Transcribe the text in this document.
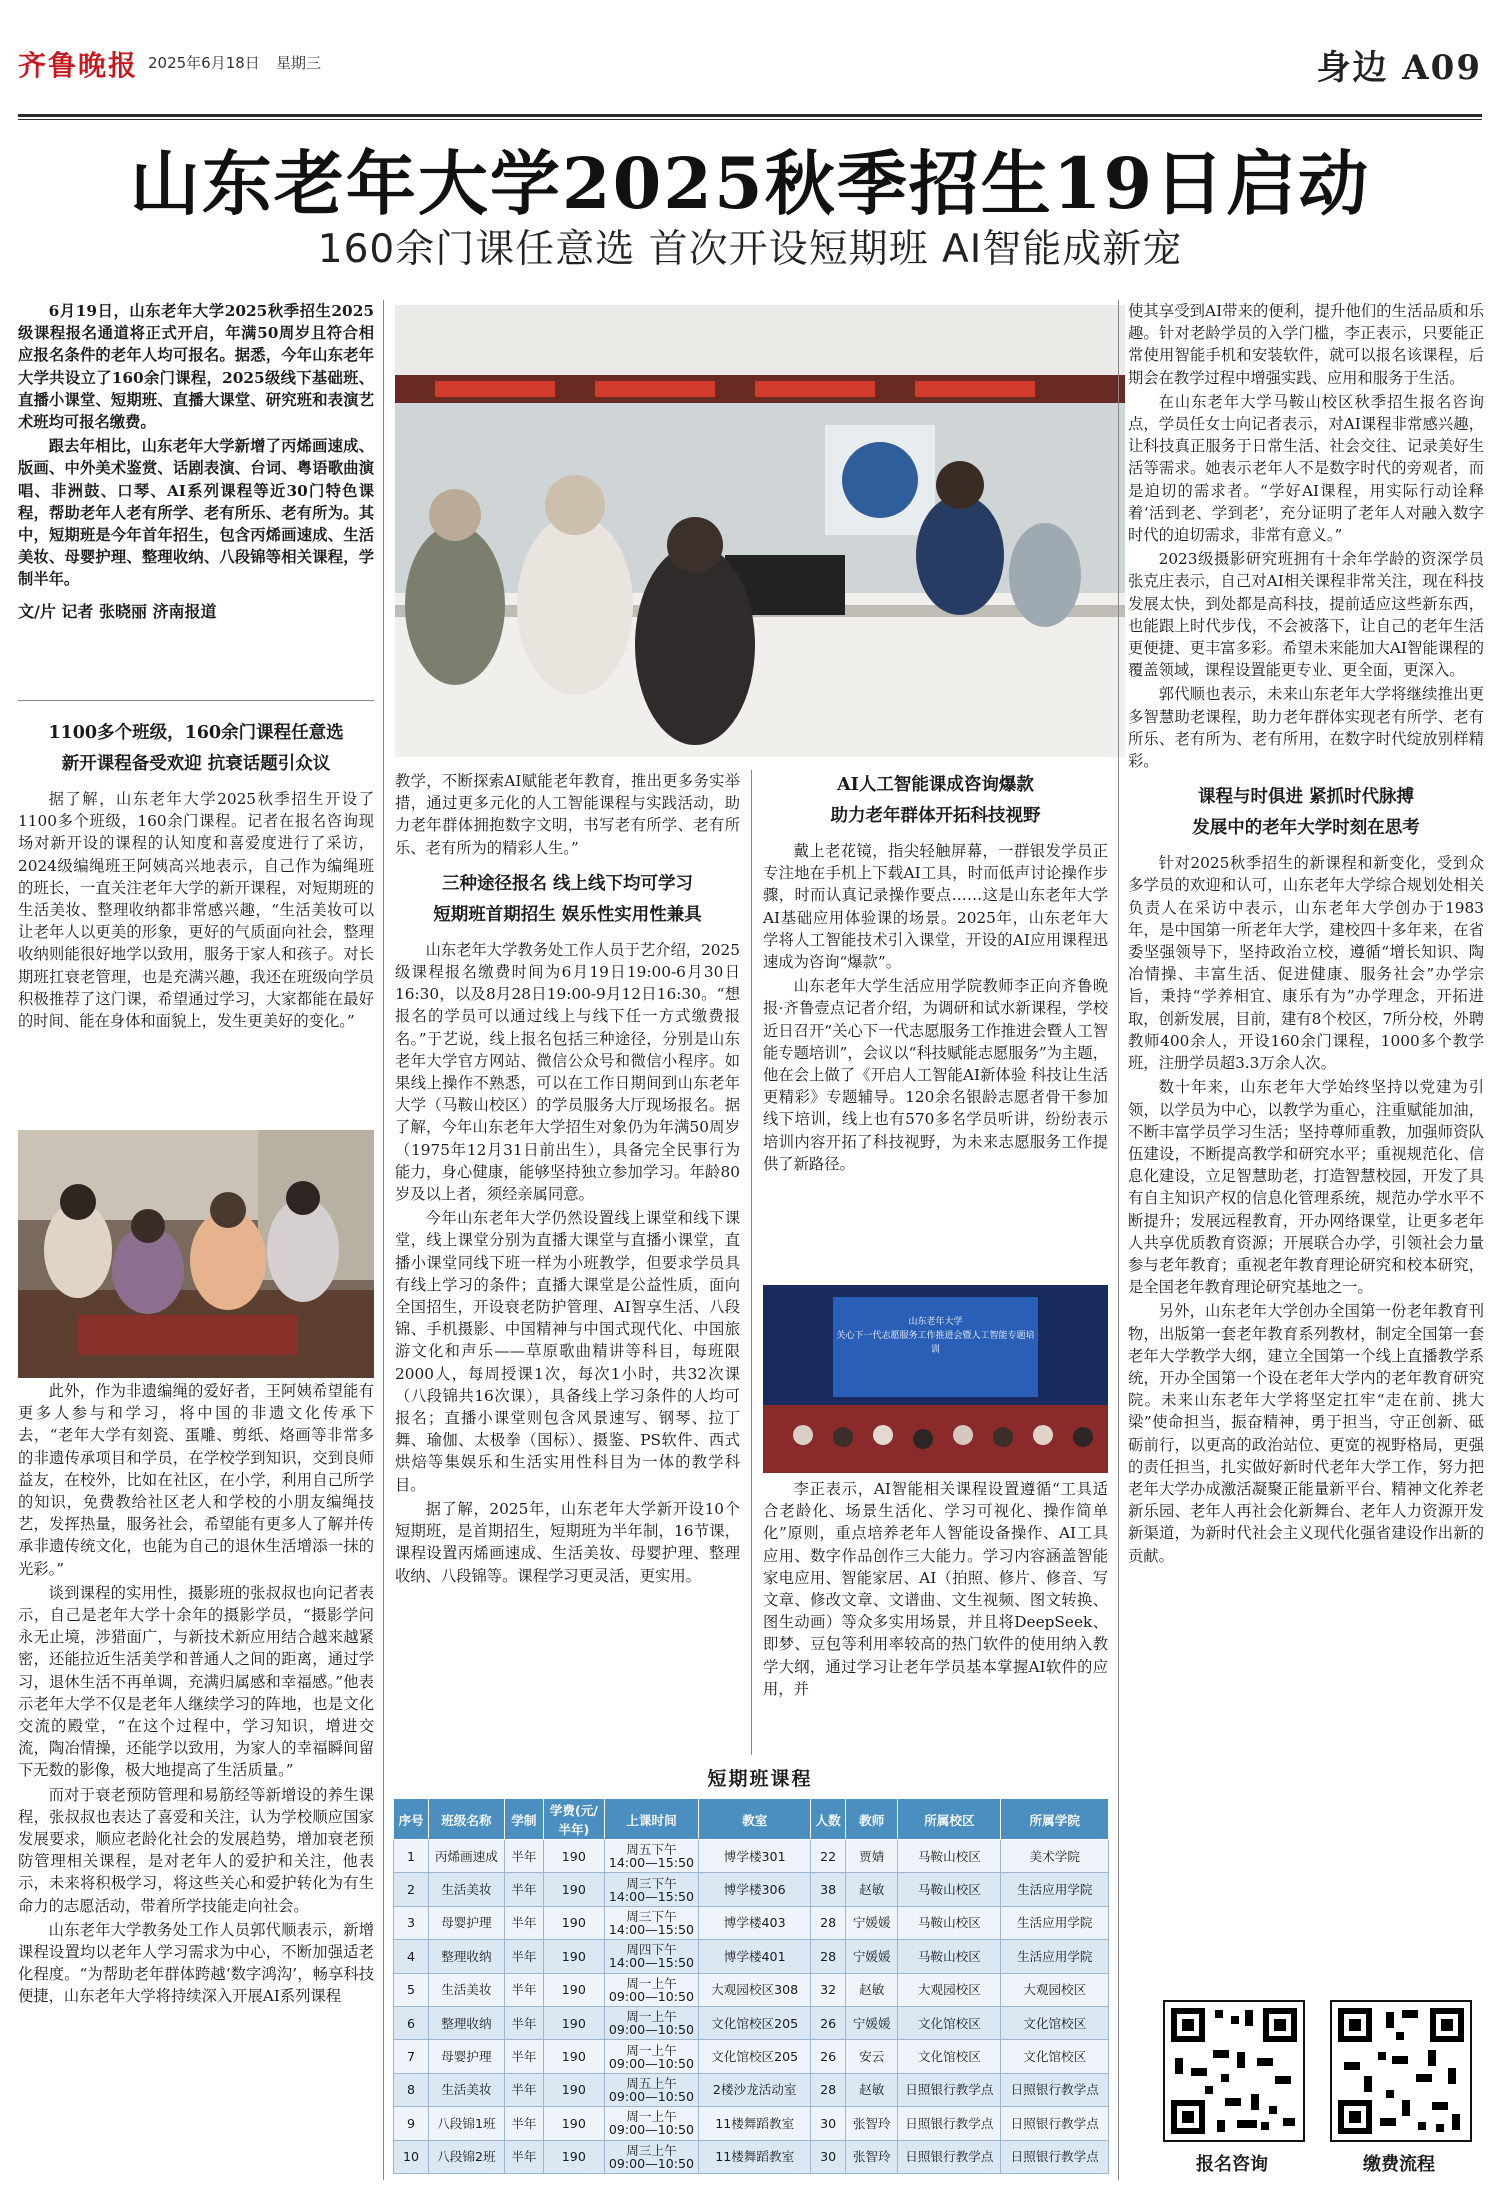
齐鲁晚报 2025年6月18日 星期三	身边 A09
山东老年大学2025秋季招生19日启动
160余门课任意选 首次开设短期班 AI智能成新宠

6月19日，山东老年大学2025秋季招生2025级课程报名通道将正式开启，年满50周岁且符合相应报名条件的老年人均可报名。据悉，今年山东老年大学共设立了160余门课程，2025级线下基础班、直播小课堂、短期班、直播大课堂、研究班和表演艺术班均可报名缴费。

跟去年相比，山东老年大学新增了丙烯画速成、版画、中外美术鉴赏、话剧表演、台词、粤语歌曲演唱、非洲鼓、口琴、AI系列课程等近30门特色课程，帮助老年人老有所学、老有所乐、老有所为。其中，短期班是今年首年招生，包含丙烯画速成、生活美妆、母婴护理、整理收纳、八段锦等相关课程，学制半年。

文/片 记者 张晓丽 济南报道
1100多个班级，160余门课程任意选
新开课程备受欢迎 抗衰话题引众议

据了解，山东老年大学2025秋季招生开设了1100多个班级，160余门课程。记者在报名咨询现场对新开设的课程的认知度和喜爱度进行了采访，2024级编绳班王阿姨高兴地表示，自己作为编绳班的班长，一直关注老年大学的新开课程，对短期班的生活美妆、整理收纳都非常感兴趣，“生活美妆可以让老年人以更美的形象，更好的气质面向社会，整理收纳则能很好地学以致用，服务于家人和孩子。对长期班扛衰老管理，也是充满兴趣，我还在班级向学员积极推荐了这门课，希望通过学习，大家都能在最好的时间、能在身体和面貌上，发生更美好的变化。”

此外，作为非遗编绳的爱好者，王阿姨希望能有更多人参与和学习，将中国的非遗文化传承下去，“老年大学有刻瓷、蛋雕、剪纸、烙画等非常多的非遗传承项目和学员，在学校学到知识，交到良师益友，在校外，比如在社区，在小学，利用自己所学的知识，免费教给社区老人和学校的小朋友编绳技艺，发挥热量，服务社会，希望能有更多人了解并传承非遗传统文化，也能为自己的退休生活增添一抹的光彩。”

谈到课程的实用性，摄影班的张叔叔也向记者表示，自己是老年大学十余年的摄影学员，“摄影学问永无止境，涉猎面广，与新技术新应用结合越来越紧密，还能拉近生活美学和普通人之间的距离，通过学习，退休生活不再单调，充满归属感和幸福感。”他表示老年大学不仅是老年人继续学习的阵地，也是文化交流的殿堂，“在这个过程中，学习知识，增进交流，陶冶情操，还能学以致用，为家人的幸福瞬间留下无数的影像，极大地提高了生活质量。”

而对于衰老预防管理和易筋经等新增设的养生课程，张叔叔也表达了喜爱和关注，认为学校顺应国家发展要求，顺应老龄化社会的发展趋势，增加衰老预防管理相关课程，是对老年人的爱护和关注，他表示，未来将积极学习，将这些关心和爱护转化为有生命力的志愿活动，带着所学技能走向社会。

山东老年大学教务处工作人员郭代顺表示，新增课程设置均以老年人学习需求为中心，不断加强适老化程度。“为帮助老年群体跨越‘数字鸿沟’，畅享科技便捷，山东老年大学将持续深入开展AI系列课程

教学，不断探索AI赋能老年教育，推出更多务实举措，通过更多元化的人工智能课程与实践活动，助力老年群体拥抱数字文明，书写老有所学、老有所乐、老有所为的精彩人生。”

三种途径报名 线上线下均可学习
短期班首期招生 娱乐性实用性兼具

山东老年大学教务处工作人员于艺介绍，2025级课程报名缴费时间为6月19日19:00-6月30日16:30，以及8月28日19:00-9月12日16:30。“想报名的学员可以通过线上与线下任一方式缴费报名。”于艺说，线上报名包括三种途径，分别是山东老年大学官方网站、微信公众号和微信小程序。如果线上操作不熟悉，可以在工作日期间到山东老年大学（马鞍山校区）的学员服务大厅现场报名。据了解，今年山东老年大学招生对象仍为年满50周岁（1975年12月31日前出生），具备完全民事行为能力，身心健康，能够坚持独立参加学习。年龄80岁及以上者，须经亲属同意。

今年山东老年大学仍然设置线上课堂和线下课堂，线上课堂分别为直播大课堂与直播小课堂，直播小课堂同线下班一样为小班教学，但要求学员具有线上学习的条件；直播大课堂是公益性质，面向全国招生，开设衰老防护管理、AI智享生活、八段锦、手机摄影、中国精神与中国式现代化、中国旅游文化和声乐——草原歌曲精讲等科目，每班限2000人，每周授课1次，每次1小时，共32次课（八段锦共16次课），具备线上学习条件的人均可报名；直播小课堂则包含风景速写、钢琴、拉丁舞、瑜伽、太极拳（国标）、摄鉴、PS软件、西式烘焙等集娱乐和生活实用性科目为一体的教学科目。

据了解，2025年，山东老年大学新开设10个短期班，是首期招生，短期班为半年制，16节课，课程设置丙烯画速成、生活美妆、母婴护理、整理收纳、八段锦等。课程学习更灵活，更实用。

AI人工智能课成咨询爆款
助力老年群体开拓科技视野

戴上老花镜，指尖轻触屏幕，一群银发学员正专注地在手机上下载AI工具，时而低声讨论操作步骤，时而认真记录操作要点……这是山东老年大学AI基础应用体验课的场景。2025年，山东老年大学将人工智能技术引入课堂，开设的AI应用课程迅速成为咨询“爆款”。

山东老年大学生活应用学院教师李正向齐鲁晚报·齐鲁壹点记者介绍，为调研和试水新课程，学校近日召开“关心下一代志愿服务工作推进会暨人工智能专题培训”，会议以“科技赋能志愿服务”为主题，他在会上做了《开启人工智能AI新体验 科技让生活更精彩》专题辅导。120余名银龄志愿者骨干参加线下培训，线上也有570多名学员听讲，纷纷表示培训内容开拓了科技视野，为未来志愿服务工作提供了新路径。

山东老年大学
关心下一代志愿服务工作推进会暨人工智能专题培训

李正表示，AI智能相关课程设置遵循“工具适合老龄化、场景生活化、学习可视化、操作简单化”原则，重点培养老年人智能设备操作、AI工具应用、数字作品创作三大能力。学习内容涵盖智能家电应用、智能家居、AI（拍照、修片、修音、写文章、修改文章、文谱曲、文生视频、图文转换、图生动画）等众多实用场景，并且将DeepSeek、即梦、豆包等利用率较高的热门软件的使用纳入教学大纲，通过学习让老年学员基本掌握AI软件的应用，并

使其享受到AI带来的便利，提升他们的生活品质和乐趣。针对老龄学员的入学门槛，李正表示，只要能正常使用智能手机和安装软件，就可以报名该课程，后期会在教学过程中增强实践、应用和服务于生活。

在山东老年大学马鞍山校区秋季招生报名咨询点，学员任女士向记者表示，对AI课程非常感兴趣，让科技真正服务于日常生活、社会交往、记录美好生活等需求。她表示老年人不是数字时代的旁观者，而是迫切的需求者。“学好AI课程，用实际行动诠释着‘活到老、学到老’，充分证明了老年人对融入数字时代的迫切需求，非常有意义。”

2023级摄影研究班拥有十余年学龄的资深学员张克庄表示，自己对AI相关课程非常关注，现在科技发展太快，到处都是高科技，提前适应这些新东西，也能跟上时代步伐，不会被落下，让自己的老年生活更便捷、更丰富多彩。希望未来能加大AI智能课程的覆盖领域，课程设置能更专业、更全面，更深入。

郭代顺也表示，未来山东老年大学将继续推出更多智慧助老课程，助力老年群体实现老有所学、老有所乐、老有所为、老有所用，在数字时代绽放别样精彩。

课程与时俱进 紧抓时代脉搏
发展中的老年大学时刻在思考

针对2025秋季招生的新课程和新变化，受到众多学员的欢迎和认可，山东老年大学综合规划处相关负责人在采访中表示，山东老年大学创办于1983年，是中国第一所老年大学，建校四十多年来，在省委坚强领导下，坚持政治立校，遵循“增长知识、陶冶情操、丰富生活、促进健康、服务社会”办学宗旨，秉持“学养相宜、康乐有为”办学理念，开拓进取，创新发展，目前，建有8个校区，7所分校，外聘教师400余人，开设160余门课程，1000多个教学班，注册学员超3.3万余人次。

数十年来，山东老年大学始终坚持以党建为引领，以学员为中心，以教学为重心，注重赋能加油，不断丰富学员学习生活；坚持尊师重教，加强师资队伍建设，不断提高教学和研究水平；重视规范化、信息化建设，立足智慧助老，打造智慧校园，开发了具有自主知识产权的信息化管理系统，规范办学水平不断提升；发展远程教育，开办网络课堂，让更多老年人共享优质教育资源；开展联合办学，引领社会力量参与老年教育；重视老年教育理论研究和校本研究，是全国老年教育理论研究基地之一。

另外，山东老年大学创办全国第一份老年教育刊物，出版第一套老年教育系列教材，制定全国第一套老年大学教学大纲，建立全国第一个线上直播教学系统，开办全国第一个设在老年大学内的老年教育研究院。未来山东老年大学将坚定扛牢“走在前、挑大梁”使命担当，振奋精神，勇于担当，守正创新、砥砺前行，以更高的政治站位、更宽的视野格局，更强的责任担当，扎实做好新时代老年大学工作，努力把老年大学办成激活凝聚正能量新平台、精神文化养老新乐园、老年人再社会化新舞台、老年人力资源开发新渠道，为新时代社会主义现代化强省建设作出新的贡献。

报名咨询	缴费流程
短期班课程
序号	班级名称	学制	学费(元/半年)	上课时间	教室	人数	教师	所属校区	所属学院
1	丙烯画速成	半年	190	周五下午 14:00—15:50	博学楼301	22	贾婧	马鞍山校区	美术学院
2	生活美妆	半年	190	周三下午 14:00—15:50	博学楼306	38	赵敏	马鞍山校区	生活应用学院
3	母婴护理	半年	190	周三下午 14:00—15:50	博学楼403	28	宁媛媛	马鞍山校区	生活应用学院
4	整理收纳	半年	190	周四下午 14:00—15:50	博学楼401	28	宁媛媛	马鞍山校区	生活应用学院
5	生活美妆	半年	190	周一上午 09:00—10:50	大观园校区308	32	赵敏	大观园校区	大观园校区
6	整理收纳	半年	190	周一上午 09:00—10:50	文化馆校区205	26	宁媛媛	文化馆校区	文化馆校区
7	母婴护理	半年	190	周一上午 09:00—10:50	文化馆校区205	26	安云	文化馆校区	文化馆校区
8	生活美妆	半年	190	周五上午 09:00—10:50	2楼沙龙活动室	28	赵敏	日照银行教学点	日照银行教学点
9	八段锦1班	半年	190	周一上午 09:00—10:50	11楼舞蹈教室	30	张智玲	日照银行教学点	日照银行教学点
10	八段锦2班	半年	190	周三上午 09:00—10:50	11楼舞蹈教室	30	张智玲	日照银行教学点	日照银行教学点
